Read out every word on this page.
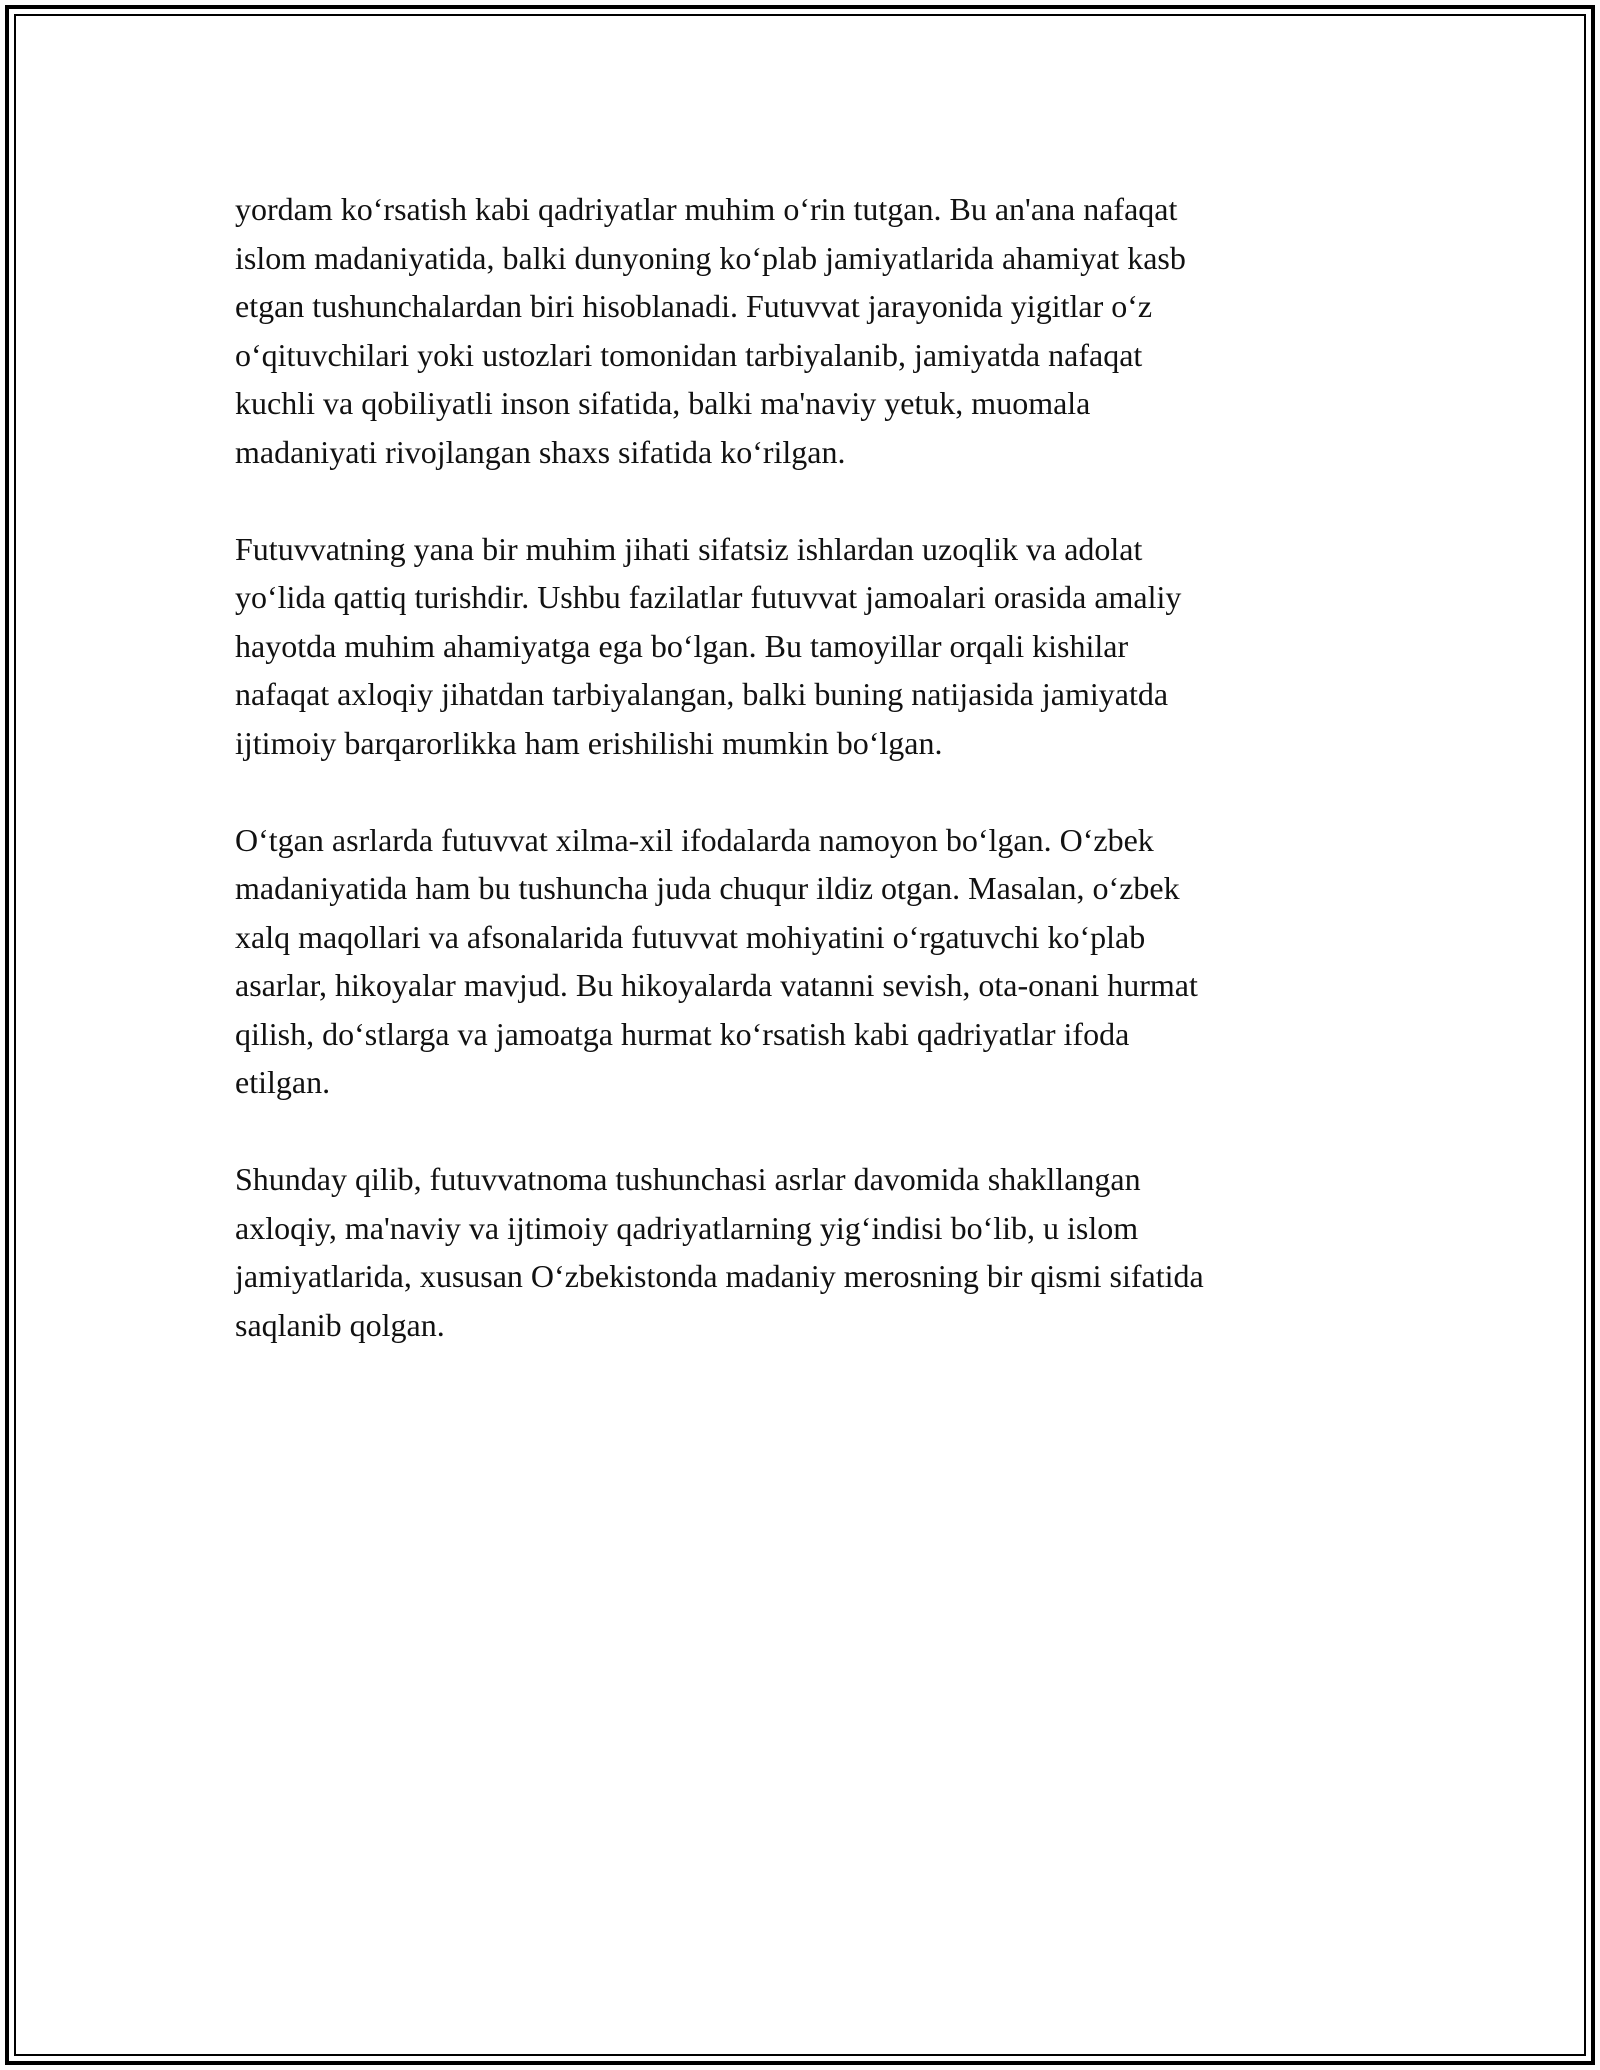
yordam ko‘rsatish kabi qadriyatlar muhim o‘rin tutgan. Bu an'ana nafaqat
islom madaniyatida, balki dunyoning ko‘plab jamiyatlarida ahamiyat kasb
etgan tushunchalardan biri hisoblanadi. Futuvvat jarayonida yigitlar o‘z
o‘qituvchilari yoki ustozlari tomonidan tarbiyalanib, jamiyatda nafaqat
kuchli va qobiliyatli inson sifatida, balki ma'naviy yetuk, muomala
madaniyati rivojlangan shaxs sifatida ko‘rilgan.

Futuvvatning yana bir muhim jihati sifatsiz ishlardan uzoqlik va adolat
yo‘lida qattiq turishdir. Ushbu fazilatlar futuvvat jamoalari orasida amaliy
hayotda muhim ahamiyatga ega bo‘lgan. Bu tamoyillar orqali kishilar
nafaqat axloqiy jihatdan tarbiyalangan, balki buning natijasida jamiyatda
ijtimoiy barqarorlikka ham erishilishi mumkin bo‘lgan.

O‘tgan asrlarda futuvvat xilma-xil ifodalarda namoyon bo‘lgan. O‘zbek
madaniyatida ham bu tushuncha juda chuqur ildiz otgan. Masalan, o‘zbek
xalq maqollari va afsonalarida futuvvat mohiyatini o‘rgatuvchi ko‘plab
asarlar, hikoyalar mavjud. Bu hikoyalarda vatanni sevish, ota-onani hurmat
qilish, do‘stlarga va jamoatga hurmat ko‘rsatish kabi qadriyatlar ifoda
etilgan.

Shunday qilib, futuvvatnoma tushunchasi asrlar davomida shakllangan
axloqiy, ma'naviy va ijtimoiy qadriyatlarning yig‘indisi bo‘lib, u islom
jamiyatlarida, xususan O‘zbekistonda madaniy merosning bir qismi sifatida
saqlanib qolgan.
